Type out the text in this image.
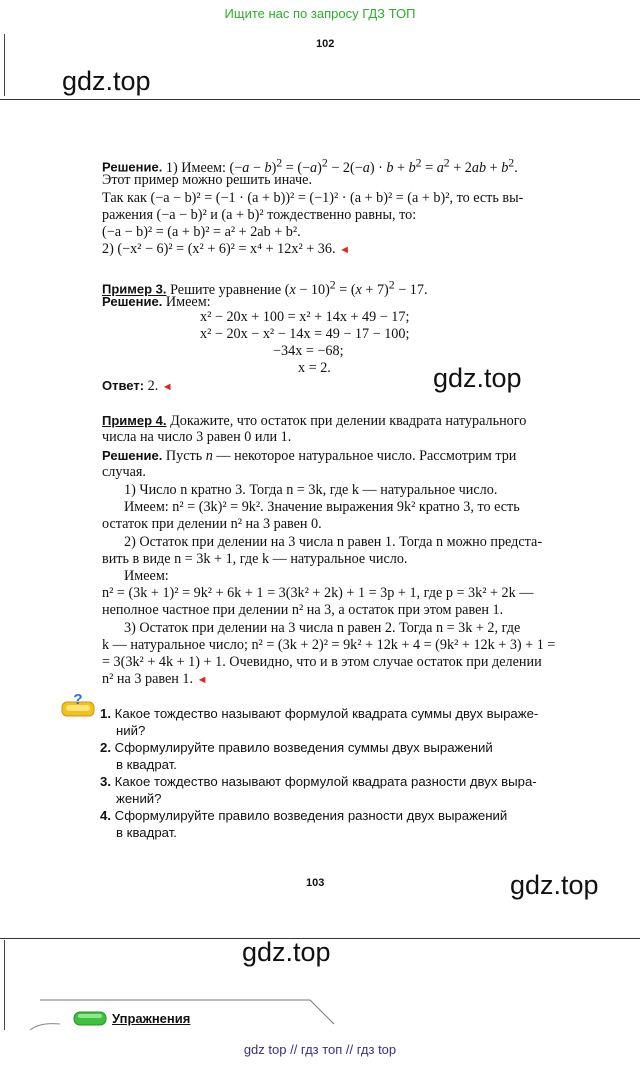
Ищите нас по запросу ГДЗ ТОП
102
gdz.top
Решение. 1) Имеем: $(-a - b)^2 = (-a)^2 - 2(-a) \cdot b + b^2 = a^2 + 2ab + b^2$.
Этот пример можно решить иначе.
Так как (−a − b)² = (−1 · (a + b))² = (−1)² · (a + b)² = (a + b)², то есть вы-
ражения (−a − b)² и (a + b)² тождественно равны, то:
(−a − b)² = (a + b)² = a² + 2ab + b².
2) (−x² − 6)² = (x² + 6)² = x⁴ + 12x² + 36. ◄
Пример 3. Решите уравнение $(x - 10)^2 = (x + 7)^2 - 17$.
Решение. Имеем:
x² − 20x + 100 = x² + 14x + 49 − 17;
x² − 20x − x² − 14x = 49 − 17 − 100;
−34x = −68;
x = 2.
Ответ: 2. ◄	gdz.top
Пример 4. Докажите, что остаток при делении квадрата натурального
числа на число 3 равен 0 или 1.
Решение. Пусть n — некоторое натуральное число. Рассмотрим три
случая.
1) Число n кратно 3. Тогда n = 3k, где k — натуральное число.
Имеем: n² = (3k)² = 9k². Значение выражения 9k² кратно 3, то есть
остаток при делении n² на 3 равен 0.
2) Остаток при делении на 3 числа n равен 1. Тогда n можно предста-
вить в виде n = 3k + 1, где k — натуральное число.
Имеем:
n² = (3k + 1)² = 9k² + 6k + 1 = 3(3k² + 2k) + 1 = 3p + 1, где p = 3k² + 2k —
неполное частное при делении n² на 3, а остаток при этом равен 1.
3) Остаток при делении на 3 числа n равен 2. Тогда n = 3k + 2, где
k — натуральное число; n² = (3k + 2)² = 9k² + 12k + 4 = (9k² + 12k + 3) + 1 =
= 3(3k² + 4k + 1) + 1. Очевидно, что и в этом случае остаток при делении
n² на 3 равен 1. ◄
?
1. Какое тождество называют формулой квадрата суммы двух выраже-
ний?
2. Сформулируйте правило возведения суммы двух выражений
в квадрат.
3. Какое тождество называют формулой квадрата разности двух выра-
жений?
4. Сформулируйте правило возведения разности двух выражений
в квадрат.
103	gdz.top
gdz.top
Упражнения
gdz top // гдз топ // гдз top
